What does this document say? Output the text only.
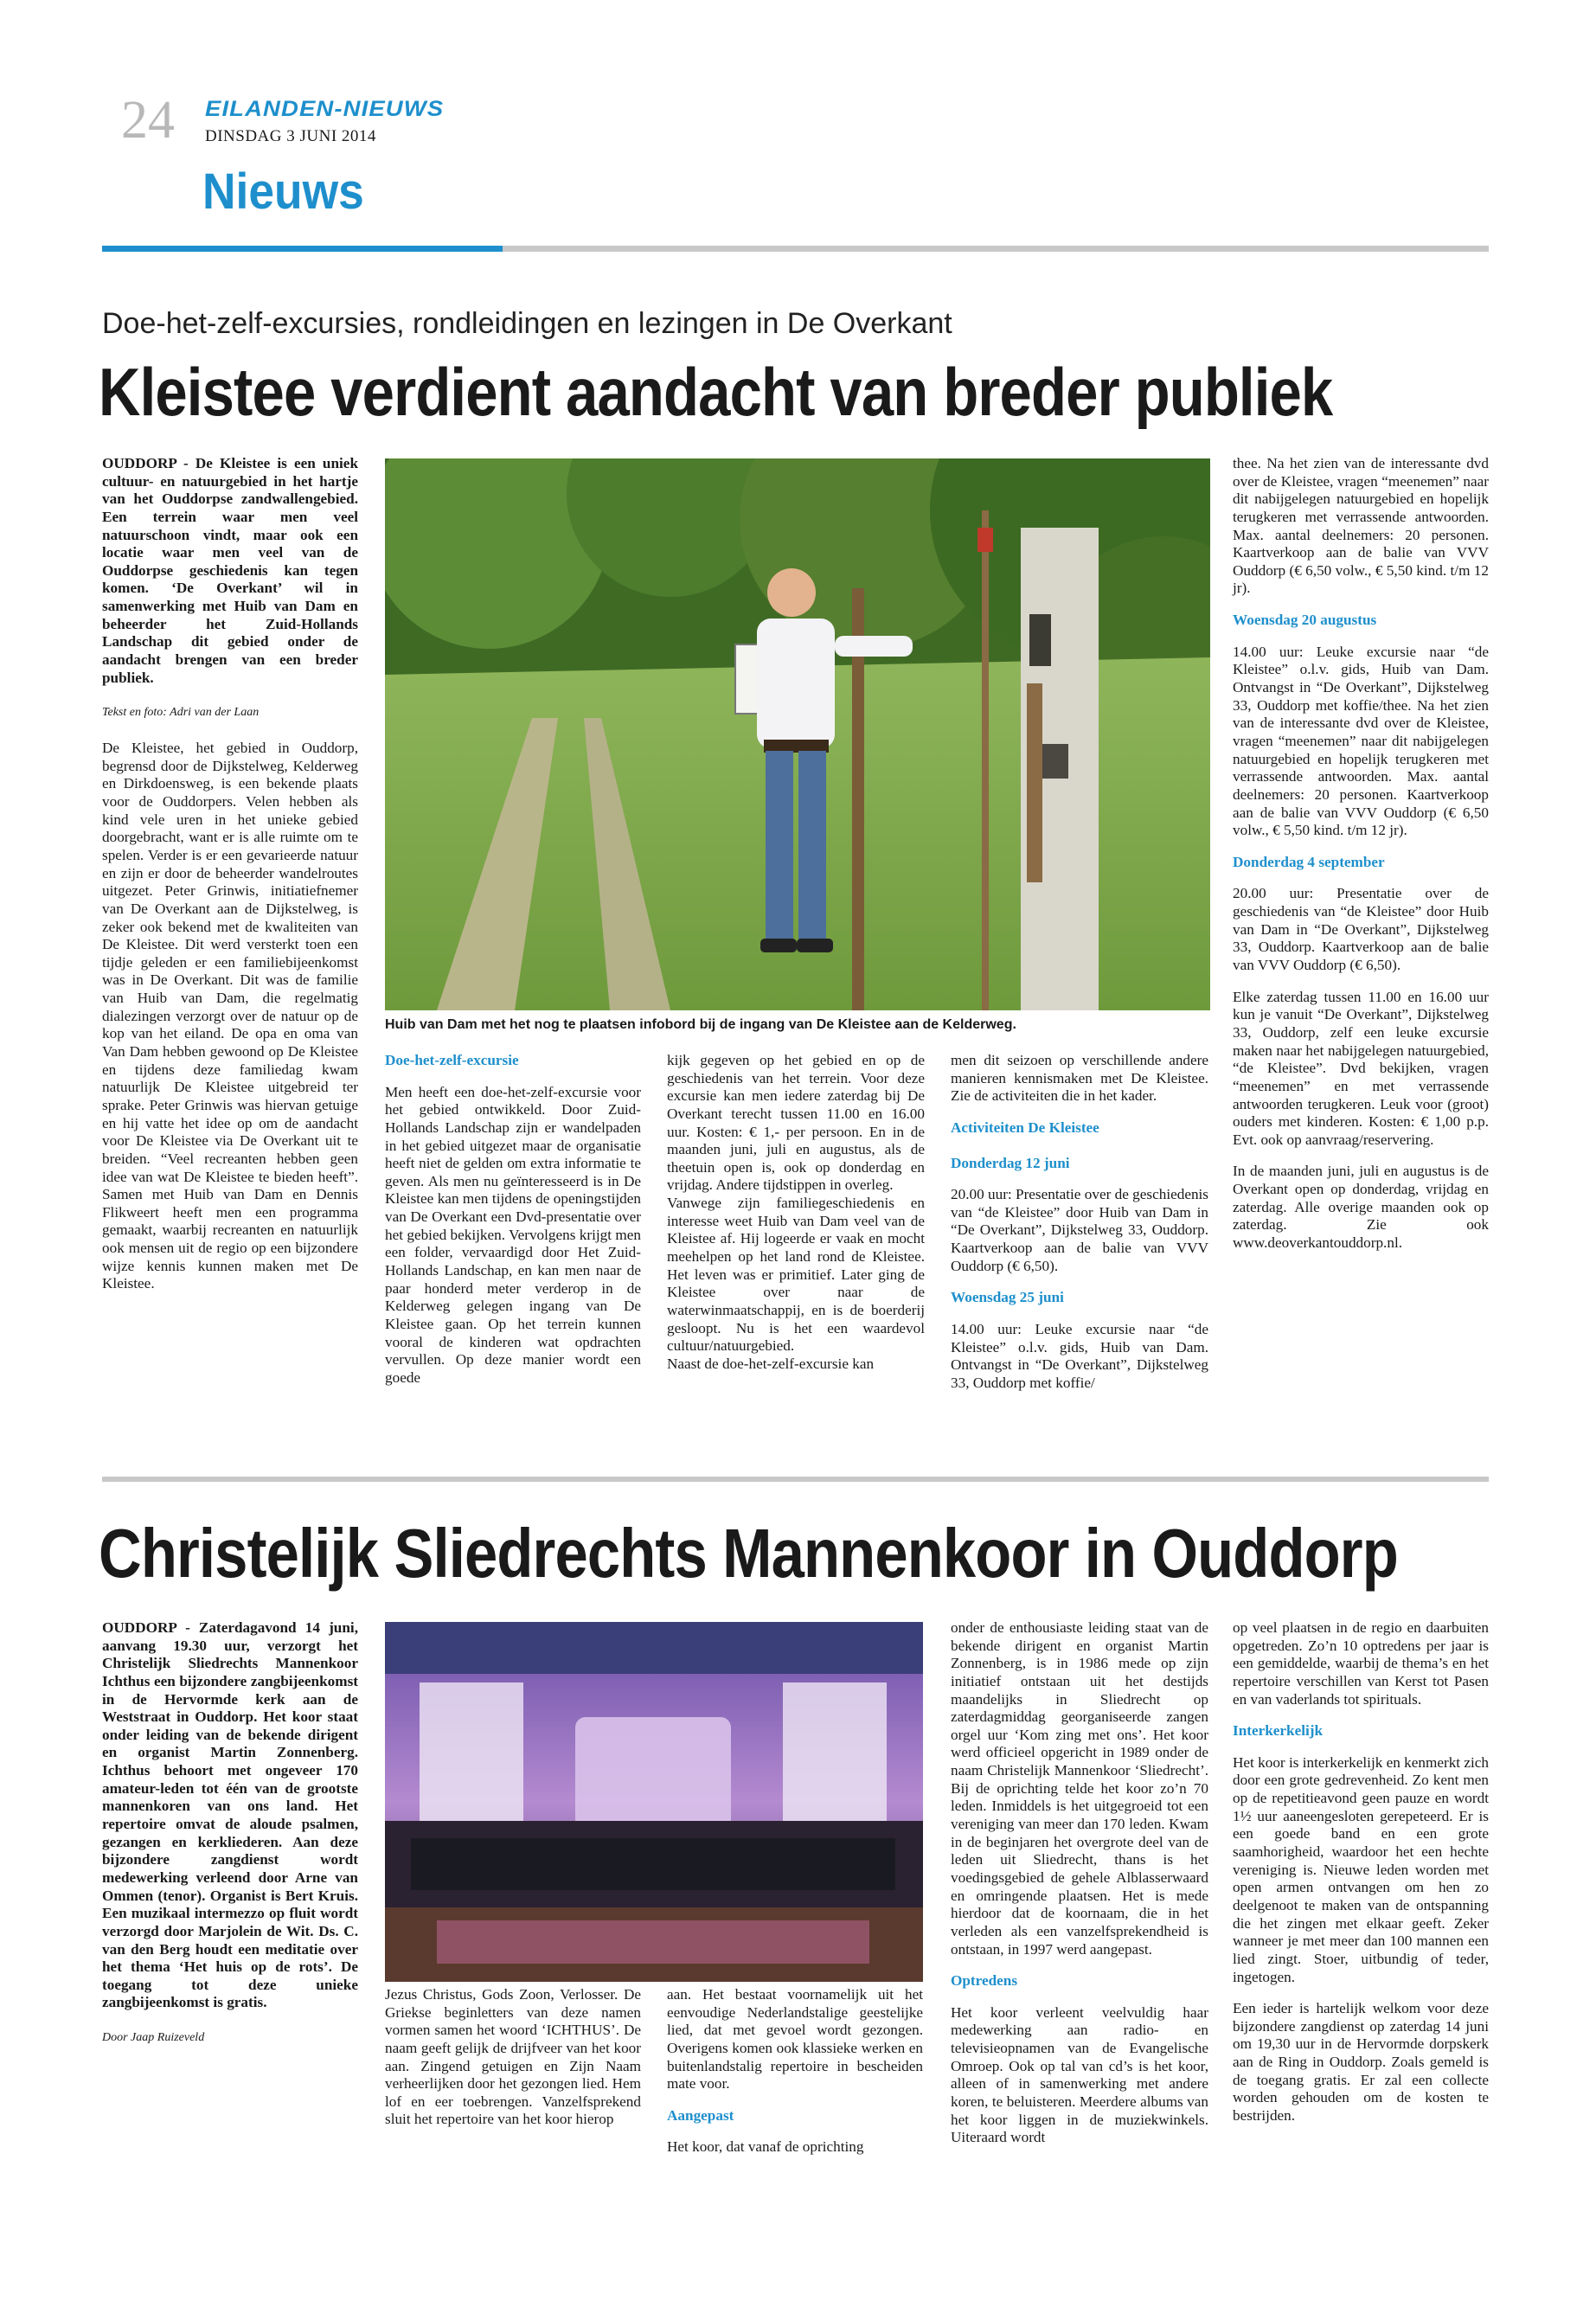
24 EILANDEN-NIEUWS
DINSDAG 3 JUNI 2014
Nieuws
Doe-het-zelf-excursies, rondleidingen en lezingen in De Overkant
Kleistee verdient aandacht van breder publiek

OUDDORP - De Kleistee is een uniek cultuur- en natuurgebied in het hartje van het Ouddorpse zandwallengebied. Een terrein waar men veel natuurschoon vindt, maar ook een locatie waar men veel van de Ouddorpse geschiedenis kan tegen komen. ‘De Overkant’ wil in samenwerking met Huib van Dam en beheerder het Zuid-Hollands Landschap dit gebied onder de aandacht brengen van een breder publiek.

Tekst en foto: Adri van der Laan

De Kleistee, het gebied in Ouddorp, begrensd door de Dijkstelweg, Kelderweg en Dirkdoensweg, is een bekende plaats voor de Ouddorpers. Velen hebben als kind vele uren in het unieke gebied doorgebracht, want er is alle ruimte om te spelen. Verder is er een gevarieerde natuur en zijn er door de beheerder wandelroutes uitgezet. Peter Grinwis, initiatiefnemer van De Overkant aan de Dijkstelweg, is zeker ook bekend met de kwaliteiten van De Kleistee. Dit werd versterkt toen een tijdje geleden er een familiebijeenkomst was in De Overkant. Dit was de familie van Huib van Dam, die regelmatig dialezingen verzorgt over de natuur op de kop van het eiland. De opa en oma van Van Dam hebben gewoond op De Kleistee en tijdens deze familiedag kwam natuurlijk De Kleistee uitgebreid ter sprake. Peter Grinwis was hiervan getuige en hij vatte het idee op om de aandacht voor De Kleistee via De Overkant uit te breiden. “Veel recreanten hebben geen idee van wat De Kleistee te bieden heeft”. Samen met Huib van Dam en Dennis Flikweert heeft men een programma gemaakt, waarbij recreanten en natuurlijk ook mensen uit de regio op een bijzondere wijze kennis kunnen maken met De Kleistee.

Huib van Dam met het nog te plaatsen infobord bij de ingang van De Kleistee aan de Kelderweg.

Doe-het-zelf-excursie

Men heeft een doe-het-zelf-excursie voor het gebied ontwikkeld. Door Zuid-Hollands Landschap zijn er wandelpaden in het gebied uitgezet maar de organisatie heeft niet de gelden om extra informatie te geven. Als men nu geïnteresseerd is in De Kleistee kan men tijdens de openingstijden van De Overkant een Dvd-presentatie over het gebied bekijken. Vervolgens krijgt men een folder, vervaardigd door Het Zuid-Hollands Landschap, en kan men naar de paar honderd meter verderop in de Kelderweg gelegen ingang van De Kleistee gaan. Op het terrein kunnen vooral de kinderen wat opdrachten vervullen. Op deze manier wordt een goede

kijk gegeven op het gebied en op de geschiedenis van het terrein. Voor deze excursie kan men iedere zaterdag bij De Overkant terecht tussen 11.00 en 16.00 uur. Kosten: € 1,- per persoon. En in de maanden juni, juli en augustus, als de theetuin open is, ook op donderdag en vrijdag. Andere tijdstippen in overleg.

Vanwege zijn familiegeschiedenis en interesse weet Huib van Dam veel van de Kleistee af. Hij logeerde er vaak en mocht meehelpen op het land rond de Kleistee. Het leven was er primitief. Later ging de Kleistee over naar de waterwinmaatschappij, en is de boerderij gesloopt. Nu is het een waardevol cultuur/natuurgebied.

Naast de doe-het-zelf-excursie kan

men dit seizoen op verschillende andere manieren kennismaken met De Kleistee. Zie de activiteiten die in het kader.

Activiteiten De Kleistee

Donderdag 12 juni

20.00 uur: Presentatie over de geschiedenis van “de Kleistee” door Huib van Dam in “De Overkant”, Dijkstelweg 33, Ouddorp. Kaartverkoop aan de balie van VVV Ouddorp (€ 6,50).

Woensdag 25 juni

14.00 uur: Leuke excursie naar “de Kleistee” o.l.v. gids, Huib van Dam. Ontvangst in “De Overkant”, Dijkstelweg 33, Ouddorp met koffie/

thee. Na het zien van de interessante dvd over de Kleistee, vragen “meenemen” naar dit nabijgelegen natuurgebied en hopelijk terugkeren met verrassende antwoorden. Max. aantal deelnemers: 20 personen. Kaartverkoop aan de balie van VVV Ouddorp (€ 6,50 volw., € 5,50 kind. t/m 12 jr).

Woensdag 20 augustus

14.00 uur: Leuke excursie naar “de Kleistee” o.l.v. gids, Huib van Dam. Ontvangst in “De Overkant”, Dijkstelweg 33, Ouddorp met koffie/thee. Na het zien van de interessante dvd over de Kleistee, vragen “meenemen” naar dit nabijgelegen natuurgebied en hopelijk terugkeren met verrassende antwoorden. Max. aantal deelnemers: 20 personen. Kaartverkoop aan de balie van VVV Ouddorp (€ 6,50 volw., € 5,50 kind. t/m 12 jr).

Donderdag 4 september

20.00 uur: Presentatie over de geschiedenis van “de Kleistee” door Huib van Dam in “De Overkant”, Dijkstelweg 33, Ouddorp. Kaartverkoop aan de balie van VVV Ouddorp (€ 6,50).

Elke zaterdag tussen 11.00 en 16.00 uur kun je vanuit “De Overkant”, Dijkstelweg 33, Ouddorp, zelf een leuke excursie maken naar het nabijgelegen natuurgebied, “de Kleistee”. Dvd bekijken, vragen “meenemen” en met verrassende antwoorden terugkeren. Leuk voor (groot) ouders met kinderen. Kosten: € 1,00 p.p. Evt. ook op aanvraag/reservering.

In de maanden juni, juli en augustus is de Overkant open op donderdag, vrijdag en zaterdag. Alle overige maanden ook op zaterdag. Zie ook www.deoverkantouddorp.nl.

Christelijk Sliedrechts Mannenkoor in Ouddorp

OUDDORP - Zaterdagavond 14 juni, aanvang 19.30 uur, verzorgt het Christelijk Sliedrechts Mannenkoor Ichthus een bijzondere zangbijeenkomst in de Hervormde kerk aan de Weststraat in Ouddorp. Het koor staat onder leiding van de bekende dirigent en organist Martin Zonnenberg. Ichthus behoort met ongeveer 170 amateur-leden tot één van de grootste mannenkoren van ons land. Het repertoire omvat de aloude psalmen, gezangen en kerkliederen. Aan deze bijzondere zangdienst wordt medewerking verleend door Arne van Ommen (tenor). Organist is Bert Kruis. Een muzikaal intermezzo op fluit wordt verzorgd door Marjolein de Wit. Ds. C. van den Berg houdt een meditatie over het thema ‘Het huis op de rots’. De toegang tot deze unieke zangbijeenkomst is gratis.

Door Jaap Ruizeveld

Jezus Christus, Gods Zoon, Verlosser. De Griekse beginletters van deze namen vormen samen het woord ‘ICHTHUS’. De naam geeft gelijk de drijfveer van het koor aan. Zingend getuigen en Zijn Naam verheerlijken door het gezongen lied. Hem lof en eer toebrengen. Vanzelfsprekend sluit het repertoire van het koor hierop

aan. Het bestaat voornamelijk uit het eenvoudige Nederlandstalige geestelijke lied, dat met gevoel wordt gezongen. Overigens komen ook klassieke werken en buitenlandstalig repertoire in bescheiden mate voor.

Aangepast

Het koor, dat vanaf de oprichting

onder de enthousiaste leiding staat van de bekende dirigent en organist Martin Zonnenberg, is in 1986 mede op zijn initiatief ontstaan uit het destijds maandelijks in Sliedrecht op zaterdagmiddag georganiseerde zangen orgel uur ‘Kom zing met ons’. Het koor werd officieel opgericht in 1989 onder de naam Christelijk Mannenkoor ‘Sliedrecht’. Bij de oprichting telde het koor zo’n 70 leden. Inmiddels is het uitgegroeid tot een vereniging van meer dan 170 leden. Kwam in de beginjaren het overgrote deel van de leden uit Sliedrecht, thans is het voedingsgebied de gehele Alblasserwaard en omringende plaatsen. Het is mede hierdoor dat de koornaam, die in het verleden als een vanzelfsprekendheid is ontstaan, in 1997 werd aangepast.

Optredens

Het koor verleent veelvuldig haar medewerking aan radio- en televisieopnamen van de Evangelische Omroep. Ook op tal van cd’s is het koor, alleen of in samenwerking met andere koren, te beluisteren. Meerdere albums van het koor liggen in de muziekwinkels. Uiteraard wordt

op veel plaatsen in de regio en daarbuiten opgetreden. Zo’n 10 optredens per jaar is een gemiddelde, waarbij de thema’s en het repertoire verschillen van Kerst tot Pasen en van vaderlands tot spirituals.

Interkerkelijk

Het koor is interkerkelijk en kenmerkt zich door een grote gedrevenheid. Zo kent men op de repetitieavond geen pauze en wordt 1½ uur aaneengesloten gerepeteerd. Er is een goede band en een grote saamhorigheid, waardoor het een hechte vereniging is. Nieuwe leden worden met open armen ontvangen om hen zo deelgenoot te maken van de ontspanning die het zingen met elkaar geeft. Zeker wanneer je met meer dan 100 mannen een lied zingt. Stoer, uitbundig of teder, ingetogen.

Een ieder is hartelijk welkom voor deze bijzondere zangdienst op zaterdag 14 juni om 19,30 uur in de Hervormde dorpskerk aan de Ring in Ouddorp. Zoals gemeld is de toegang gratis. Er zal een collecte worden gehouden om de kosten te bestrijden.
